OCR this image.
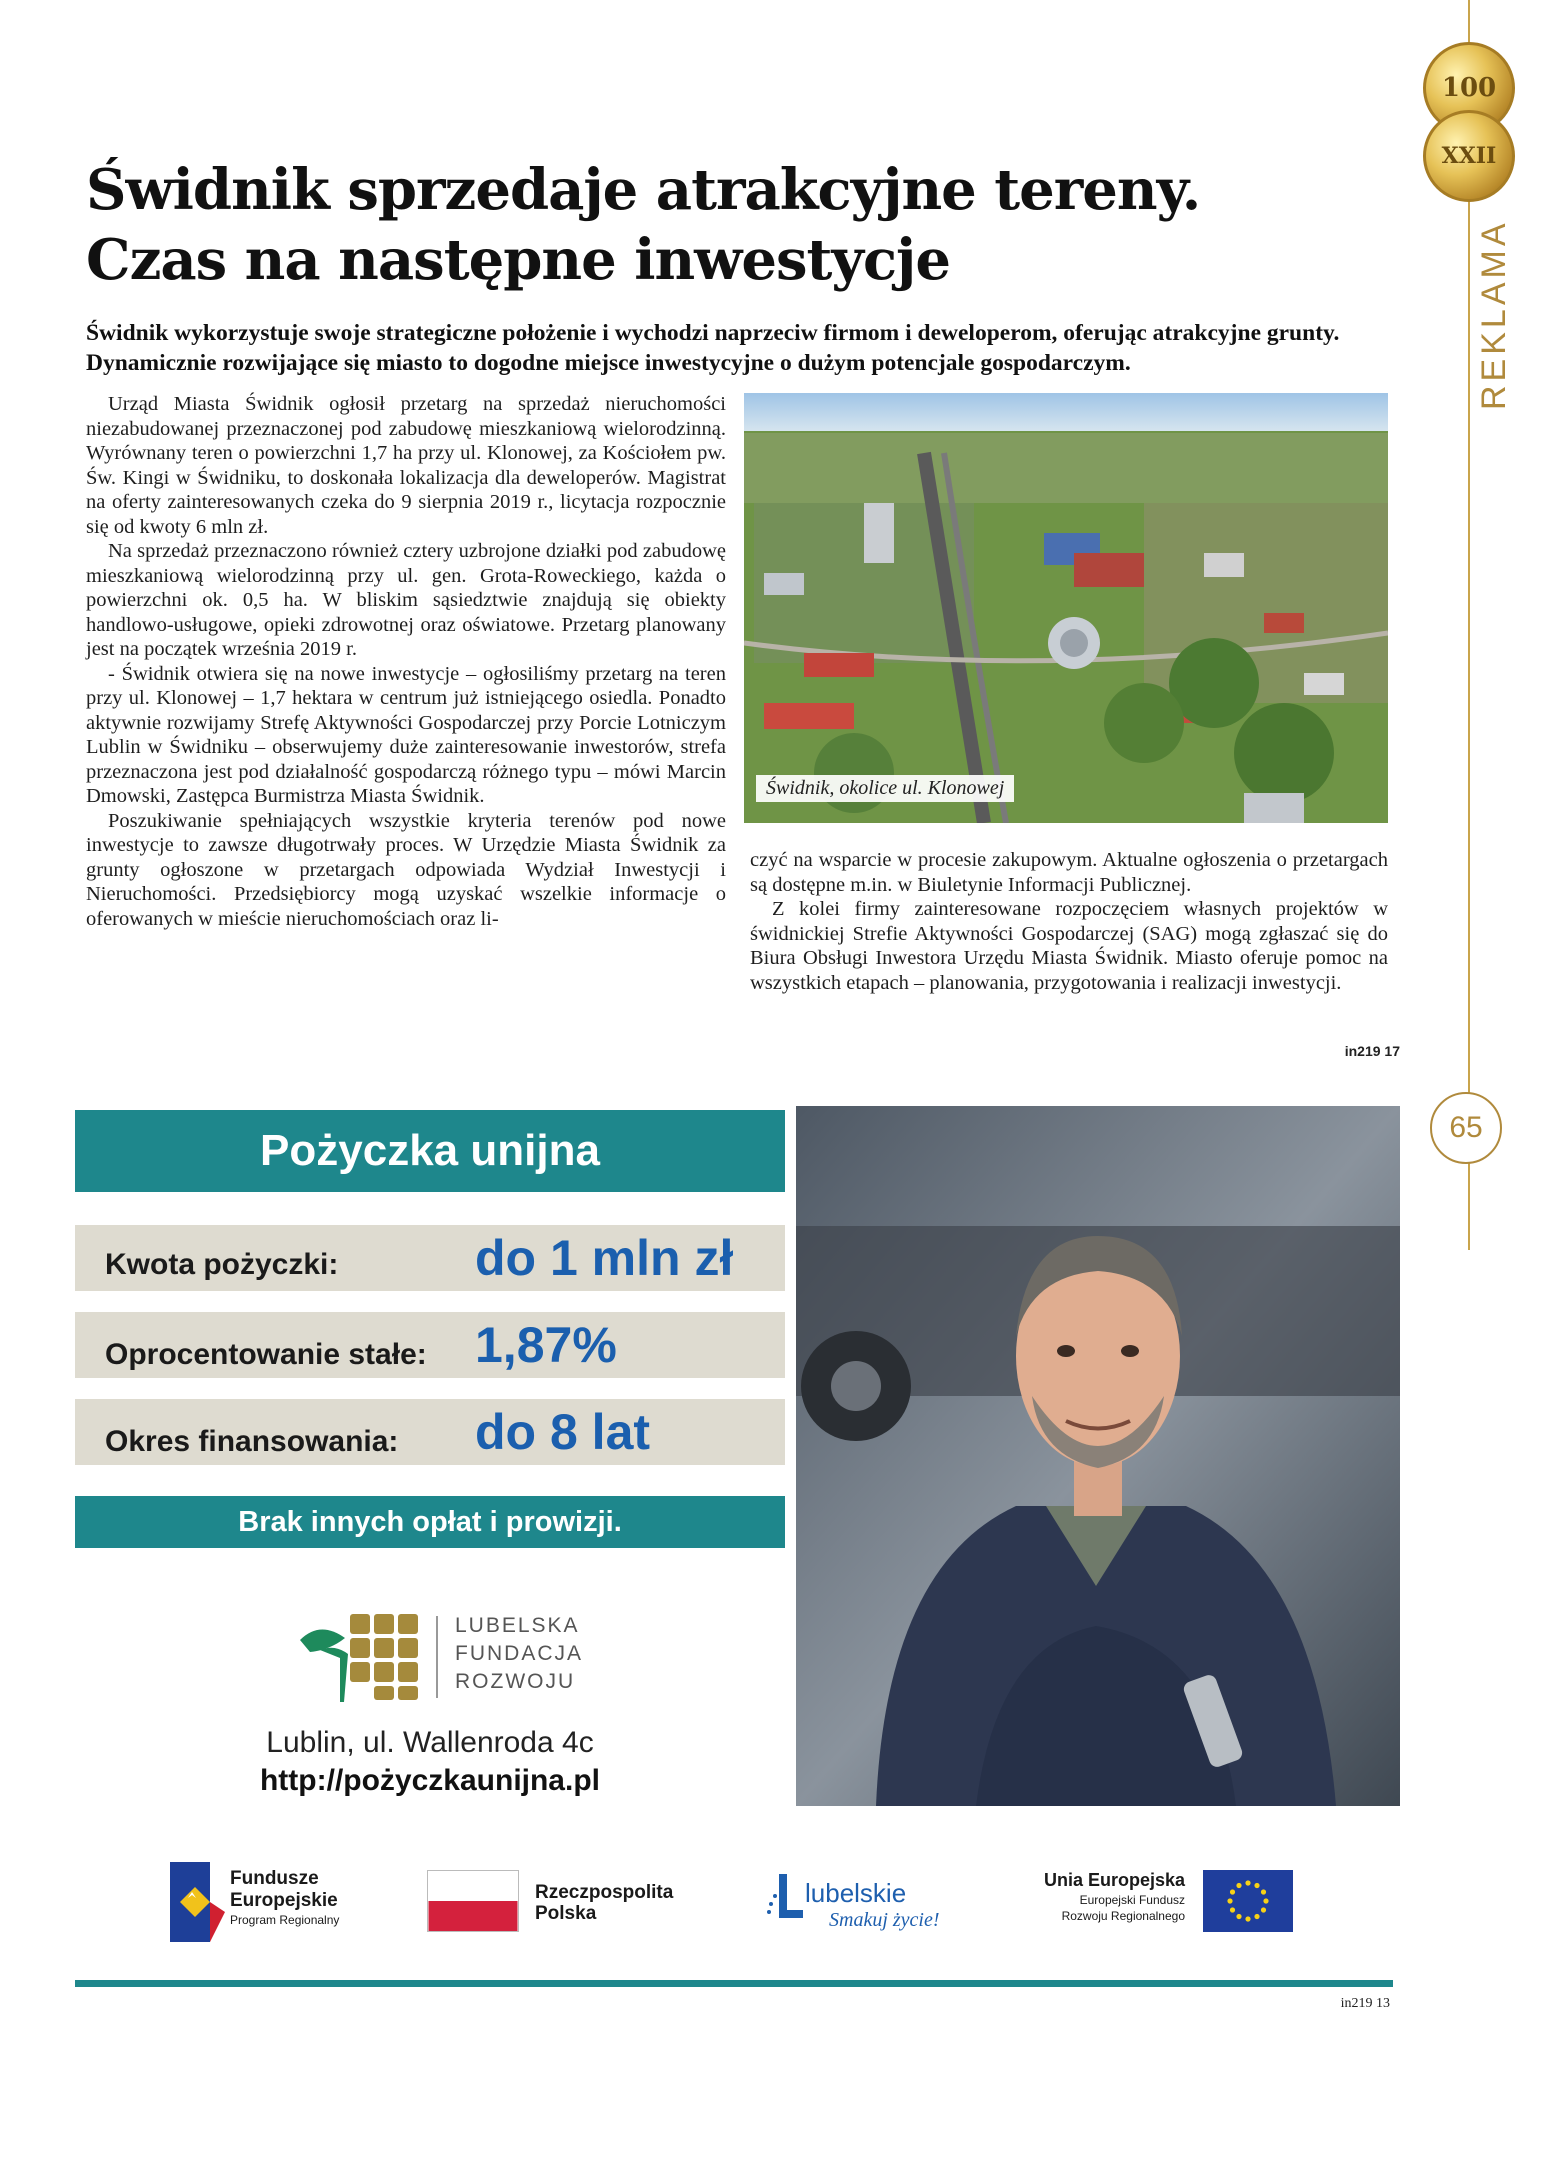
100
XXII
REKLAMA
65
Świdnik sprzedaje atrakcyjne tereny.
Czas na następne inwestycje
Świdnik wykorzystuje swoje strategiczne położenie i wychodzi naprzeciw firmom i deweloperom, oferując atrakcyjne grunty. Dynamicznie rozwijające się miasto to dogodne miejsce inwestycyjne o dużym potencjale gospodarczym.

Urząd Miasta Świdnik ogłosił przetarg na sprzedaż nieruchomości niezabudowanej przeznaczonej pod zabudowę mieszkaniową wielorodzinną. Wyrównany teren o powierzchni 1,7 ha przy ul. Klonowej, za Kościołem pw. Św. Kingi w Świdniku, to doskonała lokalizacja dla deweloperów. Magistrat na oferty zainteresowanych czeka do 9 sierpnia 2019 r., licytacja rozpocznie się od kwoty 6 mln zł.

Na sprzedaż przeznaczono również cztery uzbrojone działki pod zabudowę mieszkaniową wielorodzinną przy ul. gen. Grota-Roweckiego, każda o powierzchni ok. 0,5 ha. W bliskim sąsiedztwie znajdują się obiekty handlowo-usługowe, opieki zdrowotnej oraz oświatowe. Przetarg planowany jest na początek września 2019 r.

- Świdnik otwiera się na nowe inwestycje – ogłosiliśmy przetarg na teren przy ul. Klonowej – 1,7 hektara w centrum już istniejącego osiedla. Ponadto aktywnie rozwijamy Strefę Aktywności Gospodarczej przy Porcie Lotniczym Lublin w Świdniku – obserwujemy duże zainteresowanie inwestorów, strefa przeznaczona jest pod działalność gospodarczą różnego typu – mówi Marcin Dmowski, Zastępca Burmistrza Miasta Świdnik.

Poszukiwanie spełniających wszystkie kryteria terenów pod nowe inwestycje to zawsze długotrwały proces. W Urzędzie Miasta Świdnik za grunty ogłoszone w przetargach odpowiada Wydział Inwestycji i Nieruchomości. Przedsiębiorcy mogą uzyskać wszelkie informacje o oferowanych w mieście nieruchomościach oraz li-

Świdnik, okolice ul. Klonowej

czyć na wsparcie w procesie zakupowym. Aktualne ogłoszenia o przetargach są dostępne m.in. w Biuletynie Informacji Publicznej.

Z kolei firmy zainteresowane rozpoczęciem własnych projektów w świdnickiej Strefie Aktywności Gospodarczej (SAG) mogą zgłaszać się do Biura Obsługi Inwestora Urzędu Miasta Świdnik. Miasto oferuje pomoc na wszystkich etapach – planowania, przygotowania i realizacji inwestycji.

in219 17
Pożyczka unijna
Kwota pożyczki:	do 1 mln zł
Oprocentowanie stałe: 1,87%
Okres finansowania: do 8 lat
Brak innych opłat i prowizji.
LUBELSKA
FUNDACJA
ROZWOJU
Lublin, ul. Wallenroda 4c
http://pożyczkaunijna.pl
Fundusze
Europejskie
Program Regionalny
Rzeczpospolita
Polska
lubelskie
Smakuj życie!
Unia Europejska
Europejski Fundusz
Rozwoju Regionalnego
in219 13
